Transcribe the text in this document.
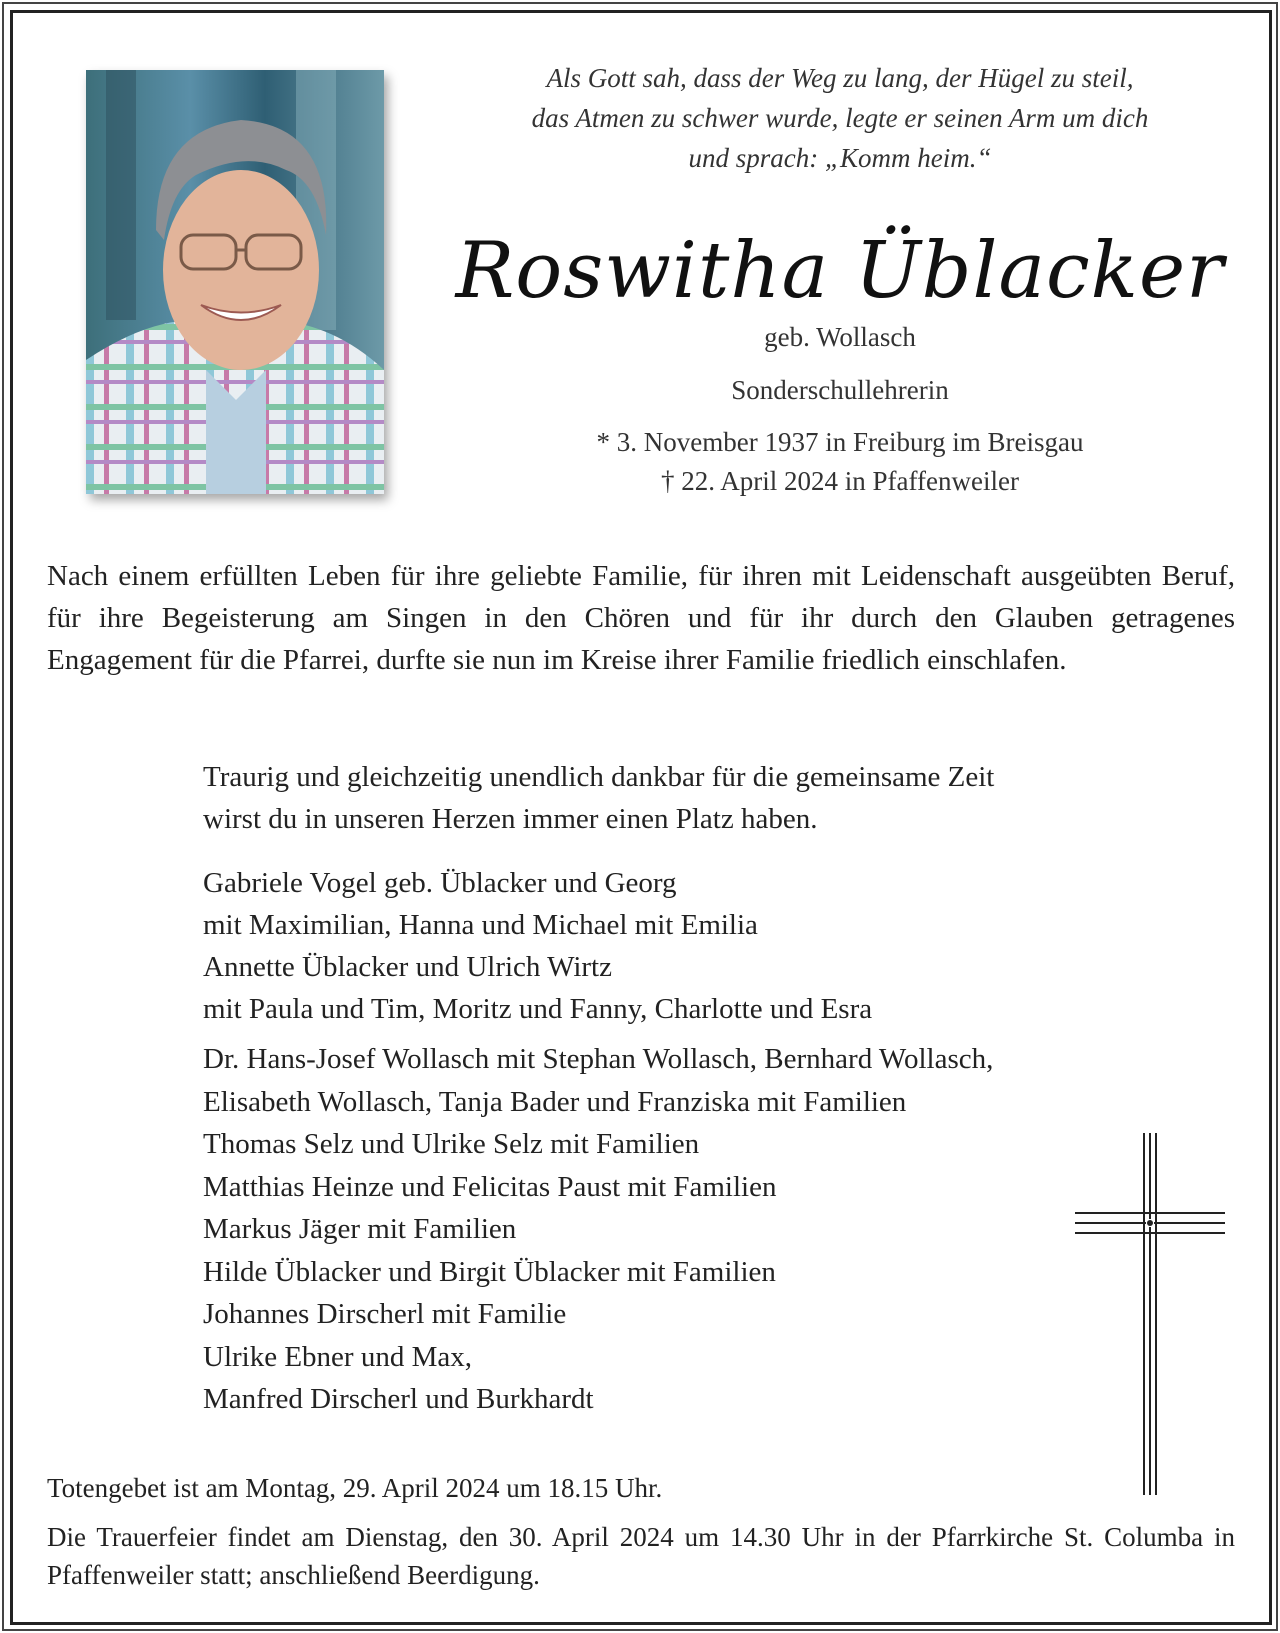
Als Gott sah, dass der Weg zu lang, der Hügel zu steil,
das Atmen zu schwer wurde, legte er seinen Arm um dich
und sprach: „Komm heim.“
Roswitha Üblacker
geb. Wollasch
Sonderschullehrerin
* 3. November 1937 in Freiburg im Breisgau
† 22. April 2024 in Pfaffenweiler
Nach einem erfüllten Leben für ihre geliebte Familie, für ihren mit Leidenschaft ausgeübten Beruf, für ihre Begeisterung am Singen in den Chören und für ihr durch den Glauben getragenes Engagement für die Pfarrei, durfte sie nun im Kreise ihrer Familie friedlich einschlafen.
Traurig und gleichzeitig unendlich dankbar für die gemeinsame Zeit
wirst du in unseren Herzen immer einen Platz haben.
Gabriele Vogel geb. Üblacker und Georg
mit Maximilian, Hanna und Michael mit Emilia
Annette Üblacker und Ulrich Wirtz
mit Paula und Tim, Moritz und Fanny, Charlotte und Esra
Dr. Hans-Josef Wollasch mit Stephan Wollasch, Bernhard Wollasch,
Elisabeth Wollasch, Tanja Bader und Franziska mit Familien
Thomas Selz und Ulrike Selz mit Familien
Matthias Heinze und Felicitas Paust mit Familien
Markus Jäger mit Familien
Hilde Üblacker und Birgit Üblacker mit Familien
Johannes Dirscherl mit Familie
Ulrike Ebner und Max,
Manfred Dirscherl und Burkhardt
Totengebet ist am Montag, 29. April 2024 um 18.15 Uhr.
Die Trauerfeier findet am Dienstag, den 30. April 2024 um 14.30 Uhr in der Pfarrkirche St. Columba in Pfaffenweiler statt; anschließend Beerdigung.
